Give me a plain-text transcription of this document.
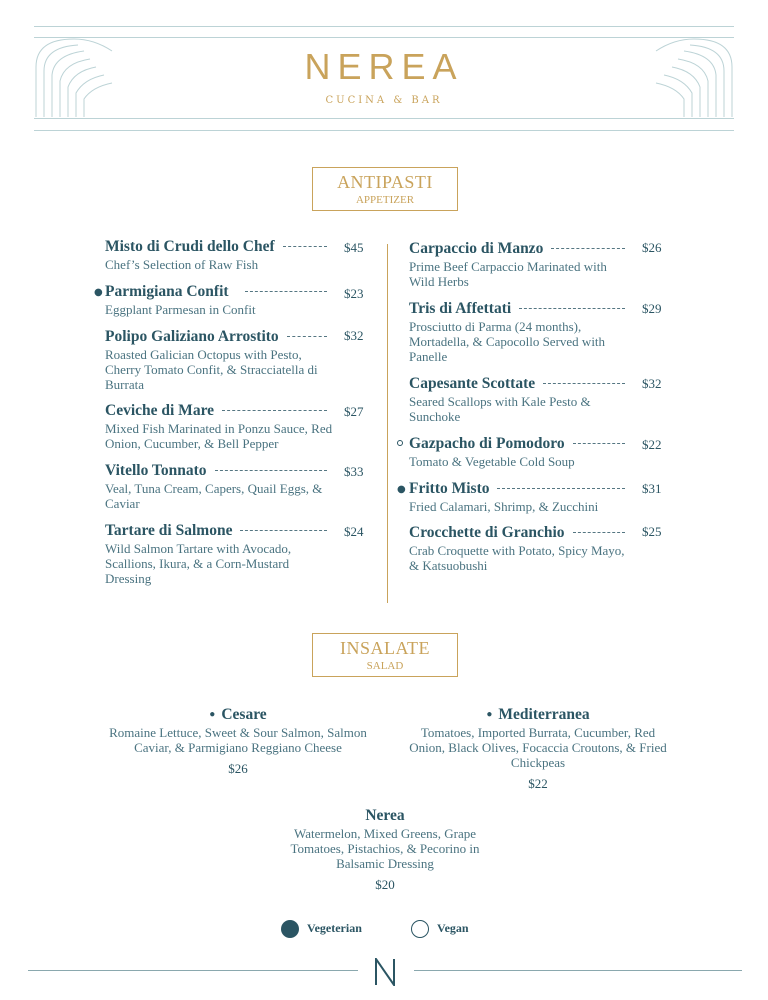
NEREA
CUCINA & BAR
ANTIPASTI
APPETIZER
Misto di Crudi dello Chef
Chef’s Selection of Raw Fish
$45
● Parmigiana Confit
Eggplant Parmesan in Confit
$23
Polipo Galiziano Arrostito
Roasted Galician Octopus with Pesto, Cherry Tomato Confit, & Stracciatella di Burrata
$32
Ceviche di Mare
Mixed Fish Marinated in Ponzu Sauce, Red Onion, Cucumber, & Bell Pepper
$27
Vitello Tonnato
Veal, Tuna Cream, Capers, Quail Eggs, & Caviar
$33
Tartare di Salmone
Wild Salmon Tartare with Avocado, Scallions, Ikura, & a Corn-Mustard Dressing
$24
Carpaccio di Manzo
Prime Beef Carpaccio Marinated with Wild Herbs
$26
Tris di Affettati
Prosciutto di Parma (24 months), Mortadella, & Capocollo Served with Panelle
$29
Capesante Scottate
Seared Scallops with Kale Pesto & Sunchoke
$32
Gazpacho di Pomodoro
Tomato & Vegetable Cold Soup
$22
● Fritto Misto
Fried Calamari, Shrimp, & Zucchini
$31
Crocchette di Granchio
Crab Croquette with Potato, Spicy Mayo, & Katsuobushi
$25
INSALATE
SALAD
● Cesare
Romaine Lettuce, Sweet & Sour Salmon, Salmon Caviar, & Parmigiano Reggiano Cheese
$26
● Mediterranea
Tomatoes, Imported Burrata, Cucumber, Red Onion, Black Olives, Focaccia Croutons, & Fried Chickpeas
$22
Nerea
Watermelon, Mixed Greens, Grape Tomatoes, Pistachios, & Pecorino in Balsamic Dressing
$20
Vegeterian	Vegan
